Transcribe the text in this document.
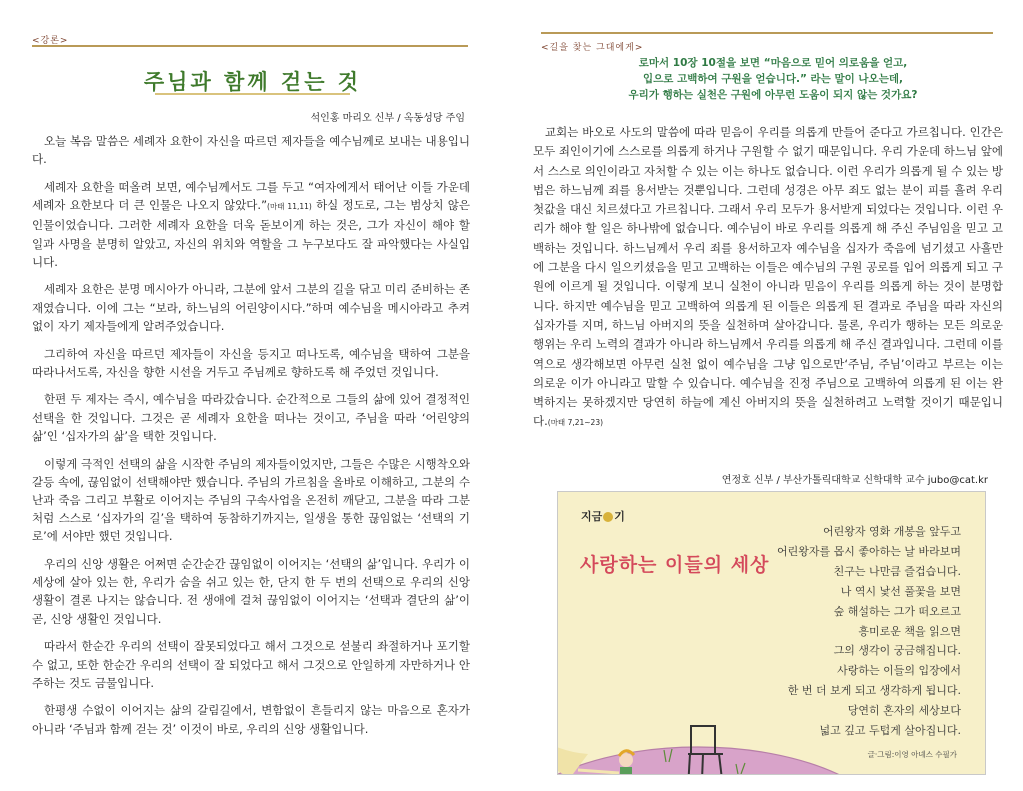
<강론>
주님과 함께 걷는 것
석인홍 마리오 신부 / 옥동성당 주임

오늘 복음 말씀은 세례자 요한이 자신을 따르던 제자들을 예수님께로 보내는 내용입니다.

세례자 요한을 떠올려 보면, 예수님께서도 그를 두고 “여자에게서 태어난 이들 가운데 세례자 요한보다 더 큰 인물은 나오지 않았다.”(마태 11,11) 하실 정도로, 그는 범상치 않은 인물이었습니다. 그러한 세례자 요한을 더욱 돋보이게 하는 것은, 그가 자신이 해야 할 일과 사명을 분명히 알았고, 자신의 위치와 역할을 그 누구보다도 잘 파악했다는 사실입니다.

세례자 요한은 분명 메시아가 아니라, 그분에 앞서 그분의 길을 닦고 미리 준비하는 존재였습니다. 이에 그는 “보라, 하느님의 어린양이시다.”하며 예수님을 메시아라고 추켜 없이 자기 제자들에게 알려주었습니다.

그리하여 자신을 따르던 제자들이 자신을 등지고 떠나도록, 예수님을 택하여 그분을 따라나서도록, 자신을 향한 시선을 거두고 주님께로 향하도록 해 주었던 것입니다.

한편 두 제자는 즉시, 예수님을 따라갔습니다. 순간적으로 그들의 삶에 있어 결정적인 선택을 한 것입니다. 그것은 곧 세례자 요한을 떠나는 것이고, 주님을 따라 ‘어린양의 삶’인 ‘십자가의 삶’을 택한 것입니다.

이렇게 극적인 선택의 삶을 시작한 주님의 제자들이었지만, 그들은 수많은 시행착오와 갈등 속에, 끊임없이 선택해야만 했습니다. 주님의 가르침을 올바로 이해하고, 그분의 수난과 죽음 그리고 부활로 이어지는 주님의 구속사업을 온전히 깨닫고, 그분을 따라 그분처럼 스스로 ‘십자가의 길’을 택하여 동참하기까지는, 일생을 통한 끊임없는 ‘선택의 기로’에 서야만 했던 것입니다.

우리의 신앙 생활은 어쩌면 순간순간 끊임없이 이어지는 ‘선택의 삶’입니다. 우리가 이 세상에 살아 있는 한, 우리가 숨을 쉬고 있는 한, 단지 한 두 번의 선택으로 우리의 신앙 생활이 결론 나지는 않습니다. 전 생애에 걸쳐 끊임없이 이어지는 ‘선택과 결단의 삶’이 곧, 신앙 생활인 것입니다.

따라서 한순간 우리의 선택이 잘못되었다고 해서 그것으로 섣불리 좌절하거나 포기할 수 없고, 또한 한순간 우리의 선택이 잘 되었다고 해서 그것으로 안일하게 자만하거나 안주하는 것도 금물입니다.

한평생 수없이 이어지는 삶의 갈림길에서, 변함없이 흔들리지 않는 마음으로 혼자가 아니라 ‘주님과 함께 걷는 것’ 이것이 바로, 우리의 신앙 생활입니다.

<길을 찾는 그대에게>
로마서 10장 10절을 보면 “마음으로 믿어 의로움을 얻고,
입으로 고백하여 구원을 얻습니다.” 라는 말이 나오는데,
우리가 행하는 실천은 구원에 아무런 도움이 되지 않는 것가요?

교회는 바오로 사도의 말씀에 따라 믿음이 우리를 의롭게 만들어 준다고 가르칩니다. 인간은 모두 죄인이기에 스스로를 의롭게 하거나 구원할 수 없기 때문입니다. 우리 가운데 하느님 앞에서 스스로 의인이라고 자처할 수 있는 이는 하나도 없습니다. 이런 우리가 의롭게 될 수 있는 방법은 하느님께 죄를 용서받는 것뿐입니다. 그런데 성경은 아무 죄도 없는 분이 피를 흘려 우리 첫값을 대신 치르셨다고 가르칩니다. 그래서 우리 모두가 용서받게 되었다는 것입니다. 이런 우리가 해야 할 일은 하나밖에 없습니다. 예수님이 바로 우리를 의롭게 해 주신 주님임을 믿고 고백하는 것입니다. 하느님께서 우리 죄를 용서하고자 예수님을 십자가 죽음에 넘기셨고 사흘만에 그분을 다시 일으키셨음을 믿고 고백하는 이들은 예수님의 구원 공로를 입어 의롭게 되고 구원에 이르게 될 것입니다. 이렇게 보니 실천이 아니라 믿음이 우리를 의롭게 하는 것이 분명합니다. 하지만 예수님을 믿고 고백하여 의롭게 된 이들은 의롭게 된 결과로 주님을 따라 자신의 십자가를 지며, 하느님 아버지의 뜻을 실천하며 살아갑니다. 물론, 우리가 행하는 모든 의로운 행위는 우리 노력의 결과가 아니라 하느님께서 우리를 의롭게 해 주신 결과입니다. 그런데 이를 역으로 생각해보면 아무런 실천 없이 예수님을 그냥 입으로만‘주님, 주님’이라고 부르는 이는 의로운 이가 아니라고 말할 수 있습니다. 예수님을 진정 주님으로 고백하여 의롭게 된 이는 완벽하지는 못하겠지만 당연히 하늘에 계신 아버지의 뜻을 실천하려고 노력할 것이기 때문입니다.(마태 7,21~23)

연정호 신부 / 부산가톨릭대학교 신학대학 교수 jubo@cat.kr
지금 기
사랑하는 이들의 세상
어린왕자 영화 개봉을 앞두고
어린왕자를 몹시 좋아하는 날 바라보며
친구는 나만큼 즐겁습니다.
나 역시 낯선 풀꽃을 보면
숲 해설하는 그가 떠오르고
흥미로운 책을 읽으면
그의 생각이 궁금해집니다.
사랑하는 이들의 입장에서
한 번 더 보게 되고 생각하게 됩니다.
당연히 혼자의 세상보다
넓고 깊고 두텁게 살아집니다.
글·그림:이영 아녜스 수필가
